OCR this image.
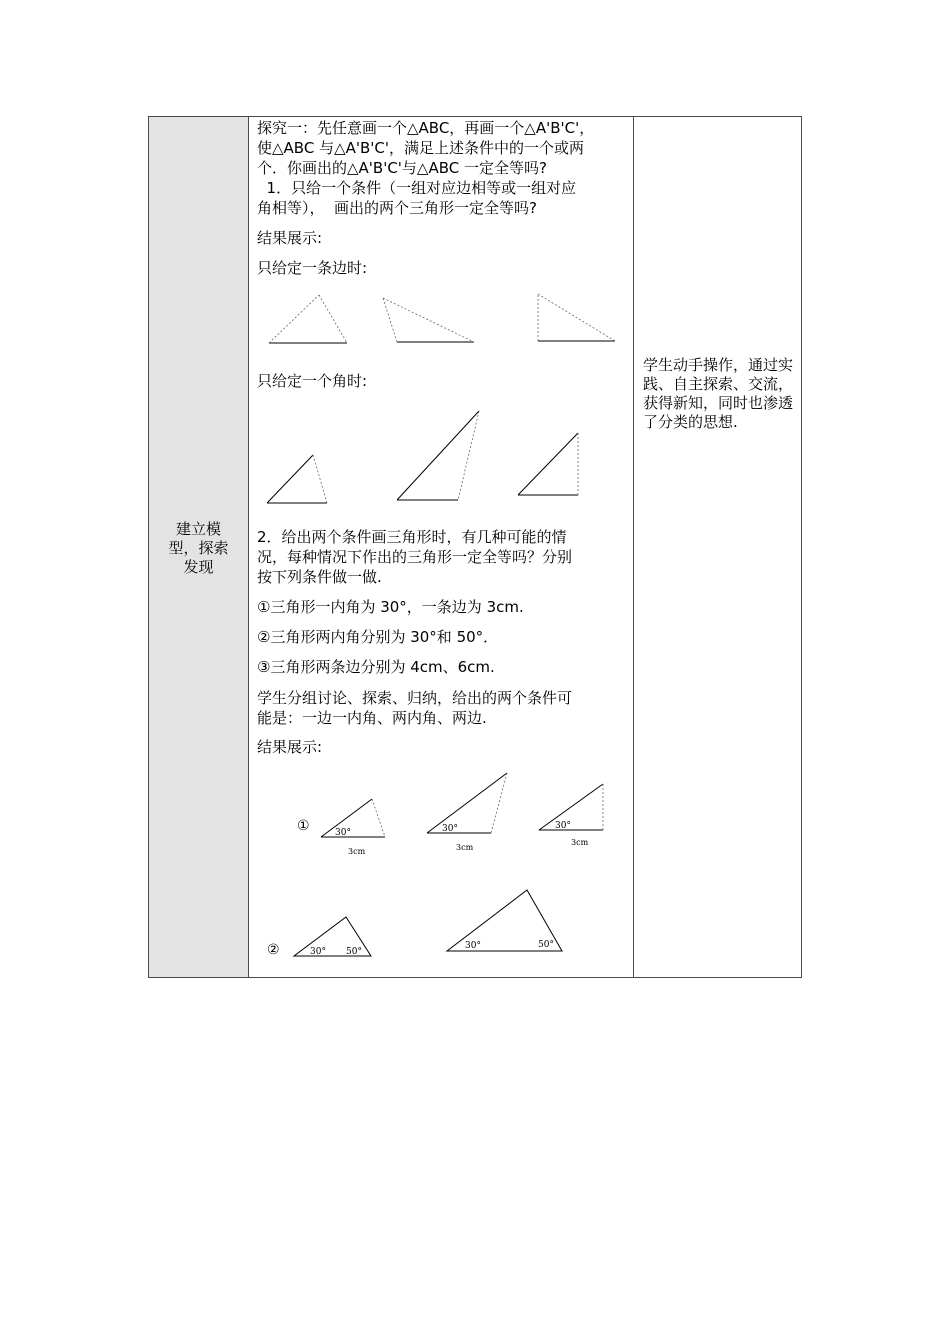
建立模
型，探索
发现
探究一：先任意画一个△ABC，再画一个△A'B'C'，
使△ABC 与△A'B'C'，满足上述条件中的一个或两
个．你画出的△A'B'C'与△ABC 一定全等吗?
1．只给一个条件（一组对应边相等或一组对应
角相等），  画出的两个三角形一定全等吗?
结果展示:
只给定一条边时:
只给定一个角时:
2．给出两个条件画三角形时，有几种可能的情
况，每种情况下作出的三角形一定全等吗？分别
按下列条件做一做.
①三角形一内角为 30°，一条边为 3cm.
②三角形两内角分别为 30°和 50°．
③三角形两条边分别为 4cm、6cm.
学生分组讨论、探索、归纳，给出的两个条件可
能是：一边一内角、两内角、两边.
结果展示:
①	30°
3cm
30°
3cm
30°
3cm
②	30° 50°
30°	50°
学生动手操作，通过实践、自主探索、交流，获得新知，同时也渗透了分类的思想.
